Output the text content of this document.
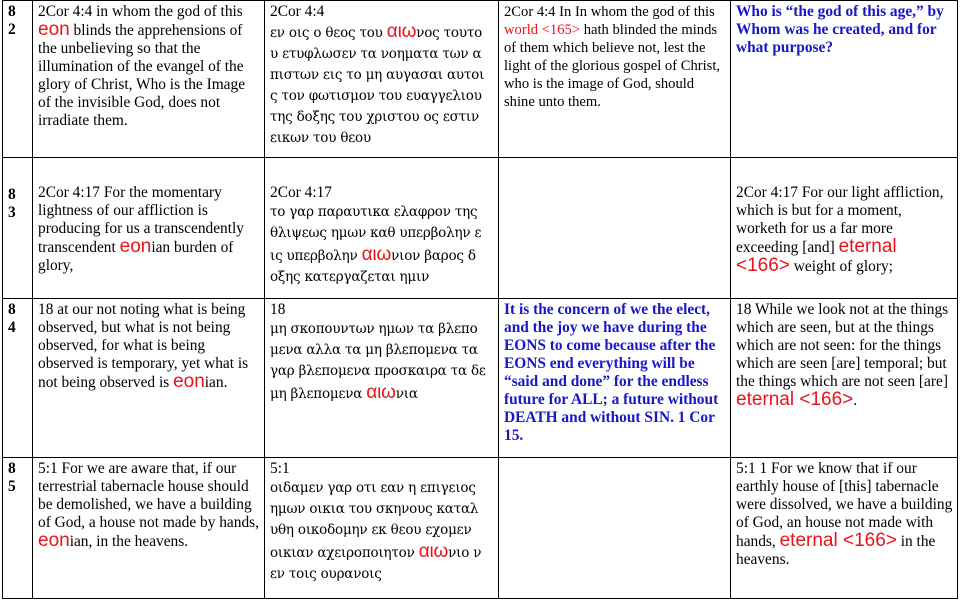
8
2	2Cor 4:4 in whom the god of this eon blinds the apprehensions of the unbelieving so that the illumination of the evangel of the glory of Christ, Who is the Image of the invisible God, does not irradiate them.	2Cor 4:4
εν οις ο θεος του αιωνος τουτο υ ετυφλωσεν τα νοηματα των α πιστων εις το μη αυγασαι αυτοι ς τον φωτισμον του ευαγγελιου της δοξης του χριστου ος εστιν εικων του θεου	2Cor 4:4 In In whom the god of this world <165> hath blinded the minds of them which believe not, lest the light of the glorious gospel of Christ, who is the image of God, should shine unto them.	Who is “the god of this age,” by Whom was he created, and for what purpose?

8
3	2Cor 4:17 For the momentary lightness of our affliction is producing for us a transcendently transcendent eonian burden of glory,	2Cor 4:17
το γαρ παραυτικα ελαφρον της θλιψεως ημων καθ υπερβολην ε ις υπερβολην αιωνιον βαρος δ οξης κατεργαζεται ημιν		2Cor 4:17 For our light affliction, which is but for a moment, worketh for us a far more exceeding [and] eternal <166> weight of glory;

8
4	18 at our not noting what is being observed, but what is not being observed, for what is being observed is temporary, yet what is not being observed is eonian.	18
μη σκοπουντων ημων τα βλεπο μενα αλλα τα μη βλεπομενα τα γαρ βλεπομενα προσκαιρα τα δε μη βλεπομενα αιωνια	It is the concern of we the elect, and the joy we have during the EONS to come because after the EONS end everything will be “said and done” for the endless future for ALL; a future without DEATH and without SIN. 1 Cor 15.	18 While we look not at the things which are seen, but at the things which are not seen: for the things which are seen [are] temporal; but the things which are not seen [are] eternal <166>.

8
5	5:1 For we are aware that, if our terrestrial tabernacle house should be demolished, we have a building of God, a house not made by hands, eonian, in the heavens.	5:1
οιδαμεν γαρ οτι εαν η επιγειος ημων οικια του σκηνους καταλ υθη οικοδομην εκ θεου εχομεν οικιαν αχειροποιητον αιωνιο ν εν τοις ουρανοις		5:1 1 For we know that if our earthly house of [this] tabernacle were dissolved, we have a building of God, an house not made with hands, eternal <166> in the heavens.
